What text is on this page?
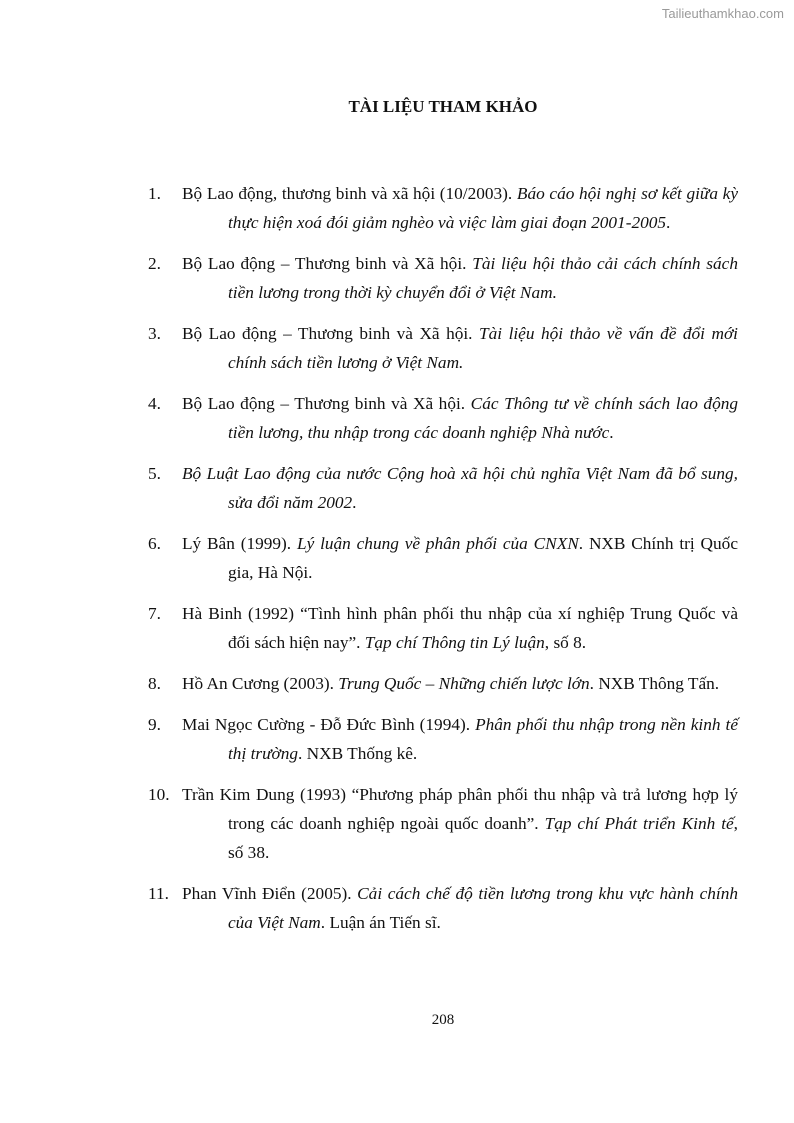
Tailieuthamkhao.com
TÀI LIỆU THAM KHẢO
1. Bộ Lao động, thương binh và xã hội (10/2003). Báo cáo hội nghị sơ kết giữa kỳ thực hiện xoá đói giảm nghèo và việc làm giai đoạn 2001-2005.
2. Bộ Lao động – Thương binh và Xã hội. Tài liệu hội thảo cải cách chính sách tiền lương trong thời kỳ chuyển đổi ở Việt Nam.
3. Bộ Lao động – Thương binh và Xã hội. Tài liệu hội thảo về vấn đề đổi mới chính sách tiền lương ở Việt Nam.
4. Bộ Lao động – Thương binh và Xã hội. Các Thông tư về chính sách lao động tiền lương, thu nhập trong các doanh nghiệp Nhà nước.
5. Bộ Luật Lao động của nước Cộng hoà xã hội chủ nghĩa Việt Nam đã bổ sung, sửa đổi năm 2002.
6. Lý Bân (1999). Lý luận chung về phân phối của CNXN. NXB Chính trị Quốc gia, Hà Nội.
7. Hà Binh (1992) “Tình hình phân phối thu nhập của xí nghiệp Trung Quốc và đối sách hiện nay”. Tạp chí Thông tin Lý luận, số 8.
8. Hồ An Cương (2003). Trung Quốc – Những chiến lược lớn. NXB Thông Tấn.
9. Mai Ngọc Cường - Đỗ Đức Bình (1994). Phân phối thu nhập trong nền kinh tế thị trường. NXB Thống kê.
10. Trần Kim Dung (1993) “Phương pháp phân phối thu nhập và trả lương hợp lý trong các doanh nghiệp ngoài quốc doanh”. Tạp chí Phát triển Kinh tế, số 38.
11. Phan Vĩnh Điển (2005). Cải cách chế độ tiền lương trong khu vực hành chính của Việt Nam. Luận án Tiến sĩ.
208
